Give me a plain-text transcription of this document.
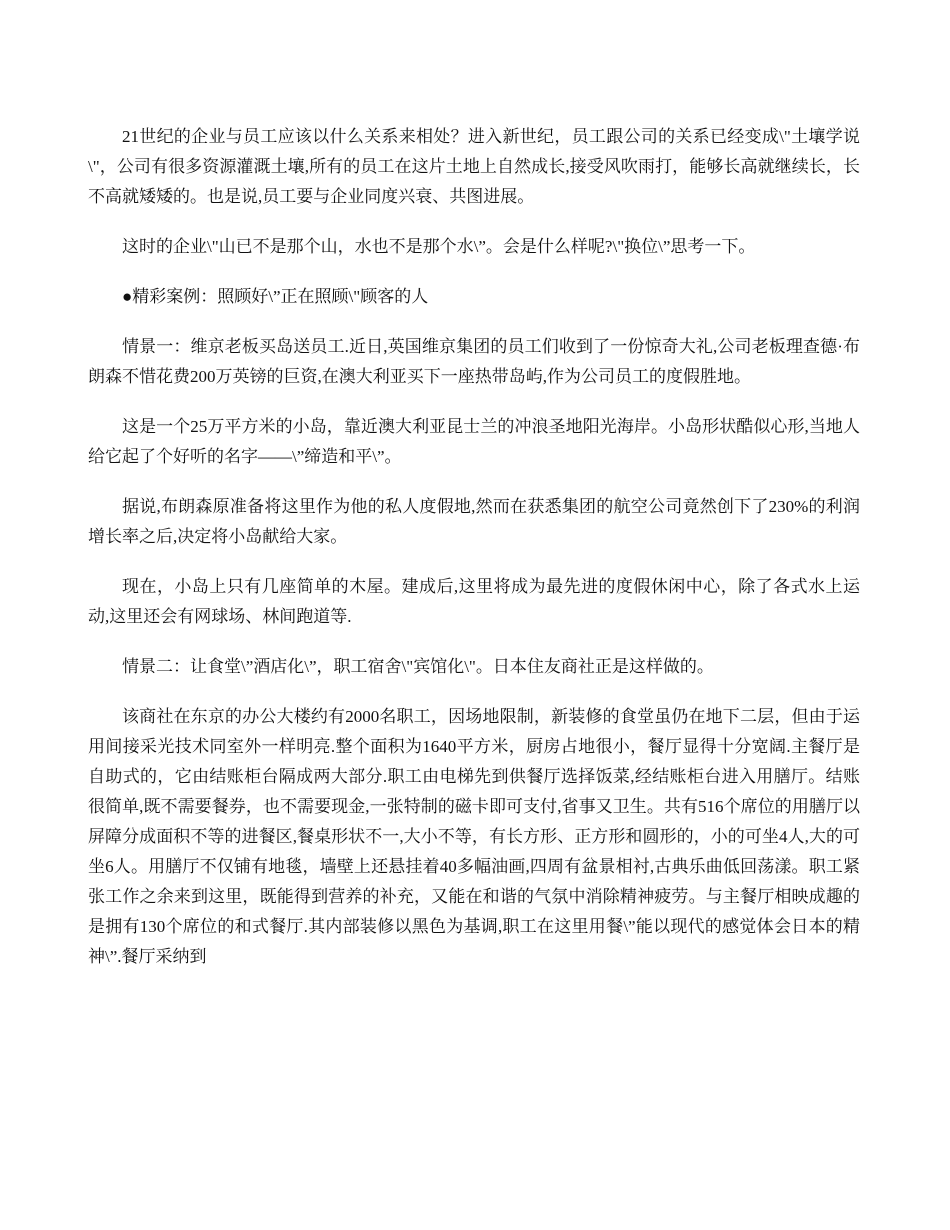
21世纪的企业与员工应该以什么关系来相处？进入新世纪，员工跟公司的关系已经变成\"土壤学说\"，公司有很多资源灌溉土壤,所有的员工在这片土地上自然成长,接受风吹雨打，能够长高就继续长，长不高就矮矮的。也是说,员工要与企业同度兴衰、共图进展。

这时的企业\"山已不是那个山，水也不是那个水\”。会是什么样呢?\"换位\”思考一下。

●精彩案例：照顾好\”正在照顾\"顾客的人

情景一：维京老板买岛送员工.近日,英国维京集团的员工们收到了一份惊奇大礼,公司老板理查德·布朗森不惜花费200万英镑的巨资,在澳大利亚买下一座热带岛屿,作为公司员工的度假胜地。

这是一个25万平方米的小岛，靠近澳大利亚昆士兰的冲浪圣地阳光海岸。小岛形状酷似心形,当地人给它起了个好听的名字——\”缔造和平\”。

据说,布朗森原准备将这里作为他的私人度假地,然而在获悉集团的航空公司竟然创下了230%的利润增长率之后,决定将小岛献给大家。

现在，小岛上只有几座简单的木屋。建成后,这里将成为最先进的度假休闲中心，除了各式水上运动,这里还会有网球场、林间跑道等.

情景二：让食堂\”酒店化\”，职工宿舍\"宾馆化\"。日本住友商社正是这样做的。

该商社在东京的办公大楼约有2000名职工，因场地限制，新装修的食堂虽仍在地下二层，但由于运用间接采光技术同室外一样明亮.整个面积为1640平方米，厨房占地很小，餐厅显得十分宽阔.主餐厅是自助式的，它由结账柜台隔成两大部分.职工由电梯先到供餐厅选择饭菜,经结账柜台进入用膳厅。结账很简单,既不需要餐券，也不需要现金,一张特制的磁卡即可支付,省事又卫生。共有516个席位的用膳厅以屏障分成面积不等的进餐区,餐桌形状不一,大小不等，有长方形、正方形和圆形的，小的可坐4人,大的可坐6人。用膳厅不仅铺有地毯，墙壁上还悬挂着40多幅油画,四周有盆景相衬,古典乐曲低回荡漾。职工紧张工作之余来到这里，既能得到营养的补充，又能在和谐的气氛中消除精神疲劳。与主餐厅相映成趣的是拥有130个席位的和式餐厅.其内部装修以黑色为基调,职工在这里用餐\”能以现代的感觉体会日本的精神\”.餐厅采纳到
